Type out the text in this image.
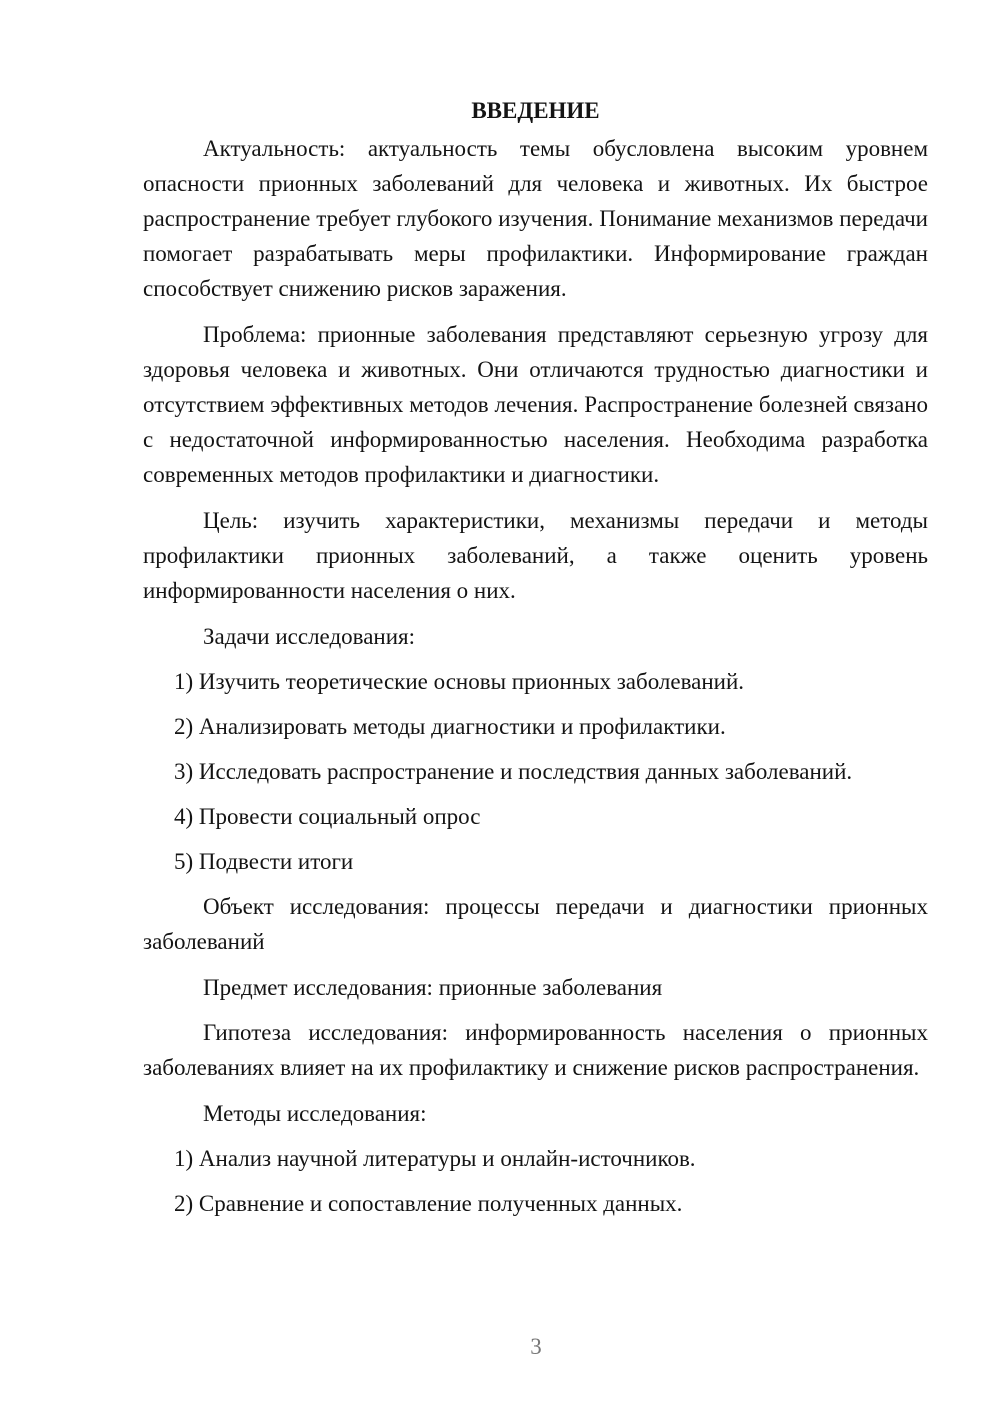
ВВЕДЕНИЕ
Актуальность: актуальность темы обусловлена высоким уровнем опасности прионных заболеваний для человека и животных. Их быстрое распространение требует глубокого изучения. Понимание механизмов передачи помогает разрабатывать меры профилактики. Информирование граждан способствует снижению рисков заражения.
Проблема: прионные заболевания представляют серьезную угрозу для здоровья человека и животных. Они отличаются трудностью диагностики и отсутствием эффективных методов лечения. Распространение болезней связано с недостаточной информированностью населения. Необходима разработка современных методов профилактики и диагностики.
Цель: изучить характеристики, механизмы передачи и методы профилактики прионных заболеваний, а также оценить уровень информированности населения о них.
Задачи исследования:
1) Изучить теоретические основы прионных заболеваний.
2) Анализировать методы диагностики и профилактики.
3) Исследовать распространение и последствия данных заболеваний.
4) Провести социальный опрос
5) Подвести итоги
Объект исследования: процессы передачи и диагностики прионных заболеваний
Предмет исследования: прионные заболевания
Гипотеза исследования: информированность населения о прионных заболеваниях влияет на их профилактику и снижение рисков распространения.
Методы исследования:
1) Анализ научной литературы и онлайн-источников.
2) Сравнение и сопоставление полученных данных.
3
